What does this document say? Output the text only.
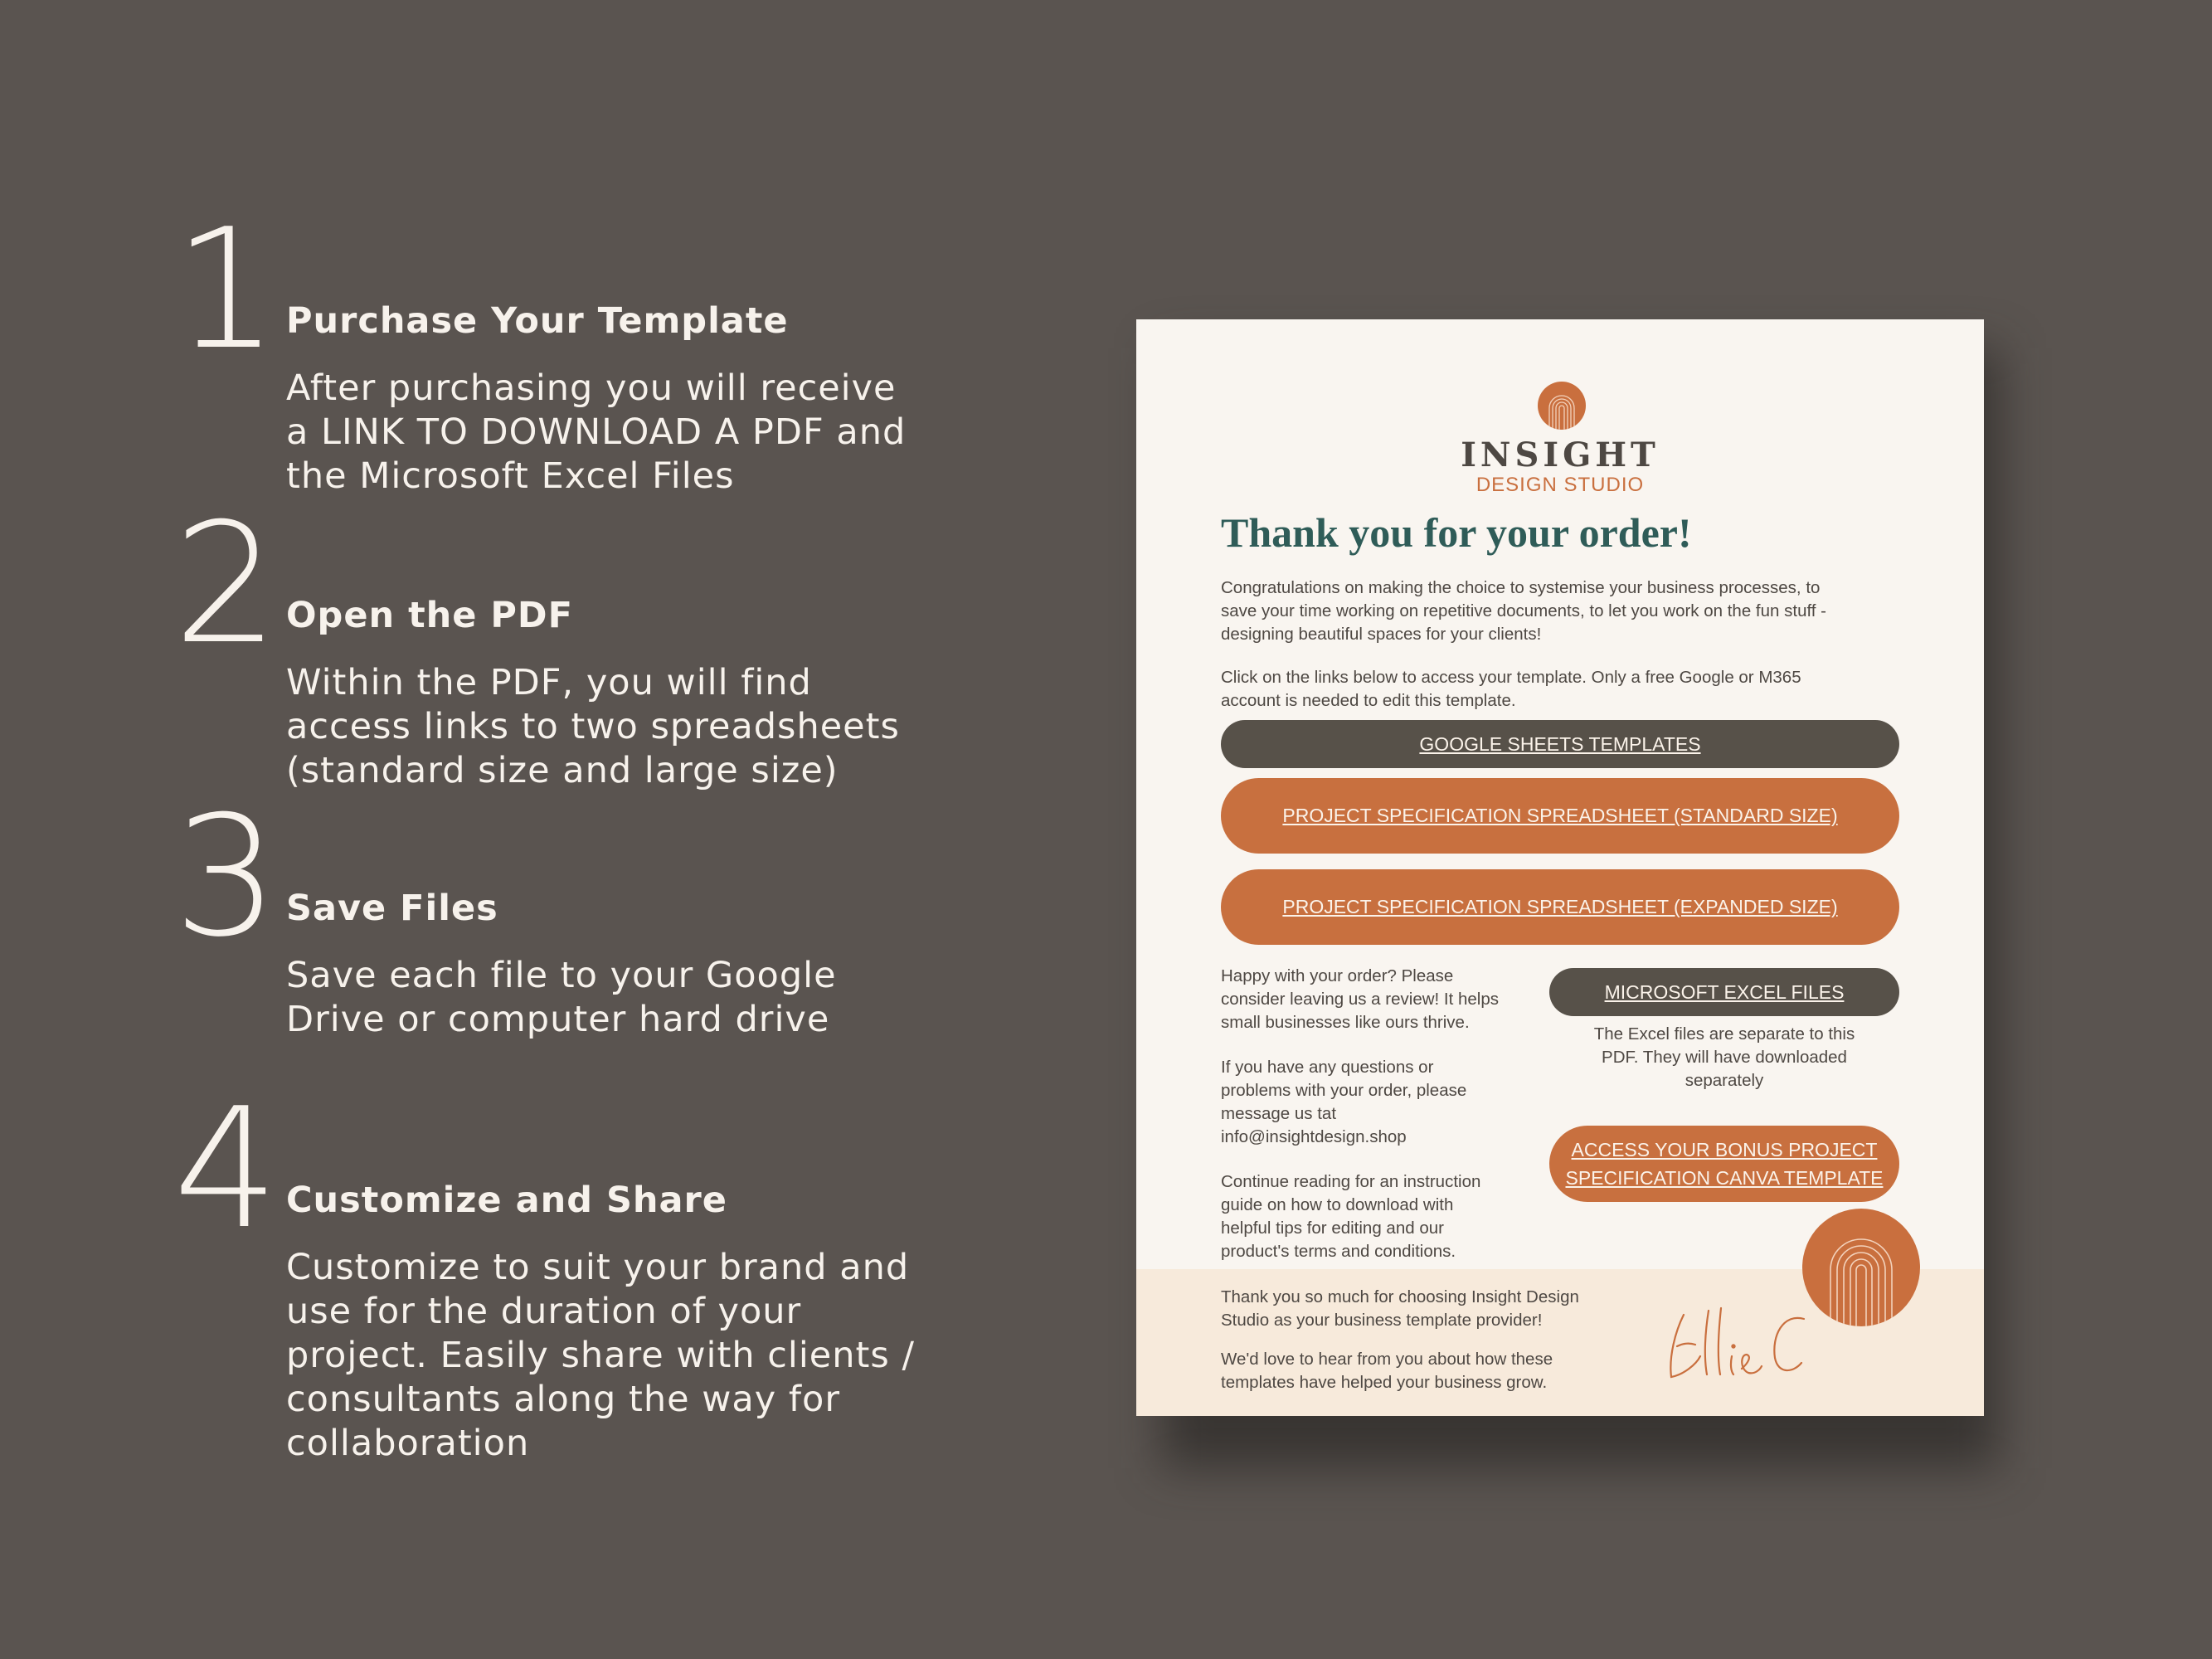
1 Purchase Your Template
After purchasing you will receive
a LINK TO DOWNLOAD A PDF and
the Microsoft Excel Files
2 Open the PDF
Within the PDF, you will find
access links to two spreadsheets
(standard size and large size)
3 Save Files
Save each file to your Google
Drive or computer hard drive
4 Customize and Share
Customize to suit your brand and
use for the duration of your
project. Easily share with clients /
consultants along the way for
collaboration
INSIGHT
DESIGN STUDIO
Thank you for your order!
Congratulations on making the choice to systemise your business processes, to
save your time working on repetitive documents, to let you work on the fun stuff -
designing beautiful spaces for your clients!
Click on the links below to access your template. Only a free Google or M365
account is needed to edit this template.
GOOGLE SHEETS TEMPLATES
PROJECT SPECIFICATION SPREADSHEET (STANDARD SIZE)
PROJECT SPECIFICATION SPREADSHEET (EXPANDED SIZE)
Happy with your order? Please
consider leaving us a review! It helps
small businesses like ours thrive.
If you have any questions or
problems with your order, please
message us tat
info@insightdesign.shop
Continue reading for an instruction
guide on how to download with
helpful tips for editing and our
product's terms and conditions.
MICROSOFT EXCEL FILES
The Excel files are separate to this
PDF. They will have downloaded
separately
ACCESS YOUR BONUS PROJECT
SPECIFICATION CANVA TEMPLATE
Thank you so much for choosing Insight Design
Studio as your business template provider!
We'd love to hear from you about how these
templates have helped your business grow.
